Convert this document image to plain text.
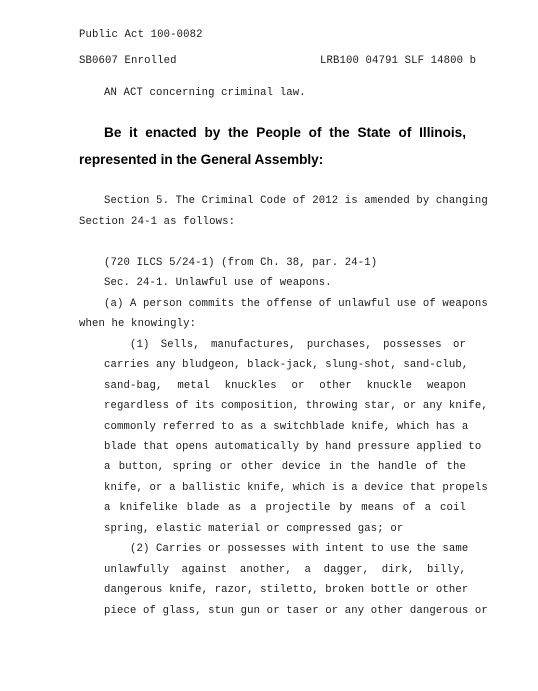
Public Act 100-0082
SB0607 Enrolled	LRB100 04791 SLF 14800 b
AN ACT concerning criminal law.
Be it enacted by the People of the State of Illinois,
represented in the General Assembly:
Section 5. The Criminal Code of 2012 is amended by changing
Section 24-1 as follows:
(720 ILCS 5/24-1) (from Ch. 38, par. 24-1)
Sec. 24-1. Unlawful use of weapons.
(a) A person commits the offense of unlawful use of weapons
when he knowingly:
(1) Sells, manufactures, purchases, possesses or
carries any bludgeon, black-jack, slung-shot, sand-club,
sand-bag, metal knuckles or other knuckle weapon
regardless of its composition, throwing star, or any knife,
commonly referred to as a switchblade knife, which has a
blade that opens automatically by hand pressure applied to
a button, spring or other device in the handle of the
knife, or a ballistic knife, which is a device that propels
a knifelike blade as a projectile by means of a coil
spring, elastic material or compressed gas; or
(2) Carries or possesses with intent to use the same
unlawfully against another, a dagger, dirk, billy,
dangerous knife, razor, stiletto, broken bottle or other
piece of glass, stun gun or taser or any other dangerous or
